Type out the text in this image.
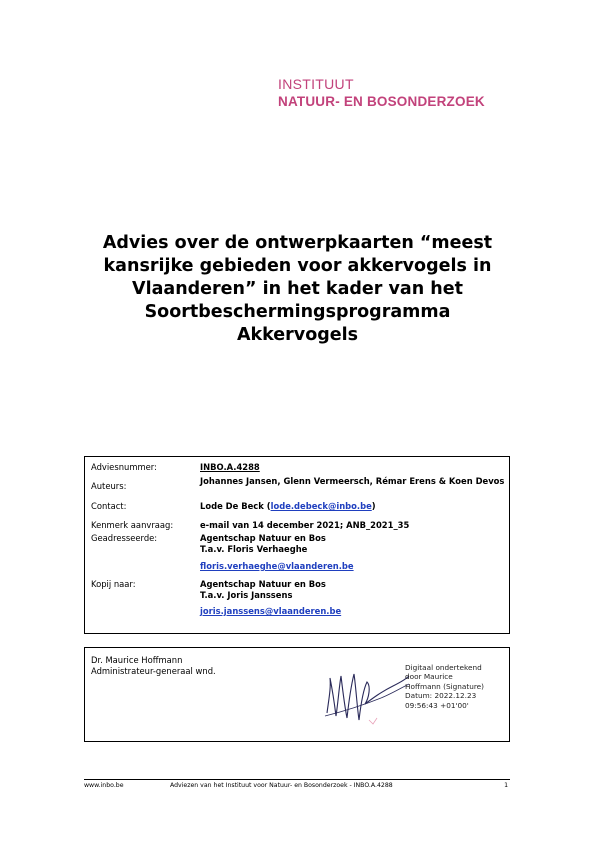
INSTITUUT
NATUUR- EN BOSONDERZOEK
Advies over de ontwerpkaarten “meest
kansrijke gebieden voor akkervogels in
Vlaanderen” in het kader van het
Soortbeschermingsprogramma
Akkervogels
Adviesnummer:	INBO.A.4288
Auteurs:	Johannes Jansen, Glenn Vermeersch, Rémar Erens & Koen Devos
Contact:	Lode De Beck (lode.debeck@inbo.be)
Kenmerk aanvraag:	e-mail van 14 december 2021; ANB_2021_35
Geadresseerde:	Agentschap Natuur en Bos
T.a.v. Floris Verhaeghe
floris.verhaeghe@vlaanderen.be
Kopij naar:	Agentschap Natuur en Bos
T.a.v. Joris Janssens
joris.janssens@vlaanderen.be
Dr. Maurice Hoffmann
Administrateur-generaal wnd.	Digitaal ondertekend
door Maurice
Hoffmann (Signature)
Datum: 2022.12.23
09:56:43 +01'00'
www.inbo.be	Adviezen van het Instituut voor Natuur- en Bosonderzoek - INBO.A.4288	1
